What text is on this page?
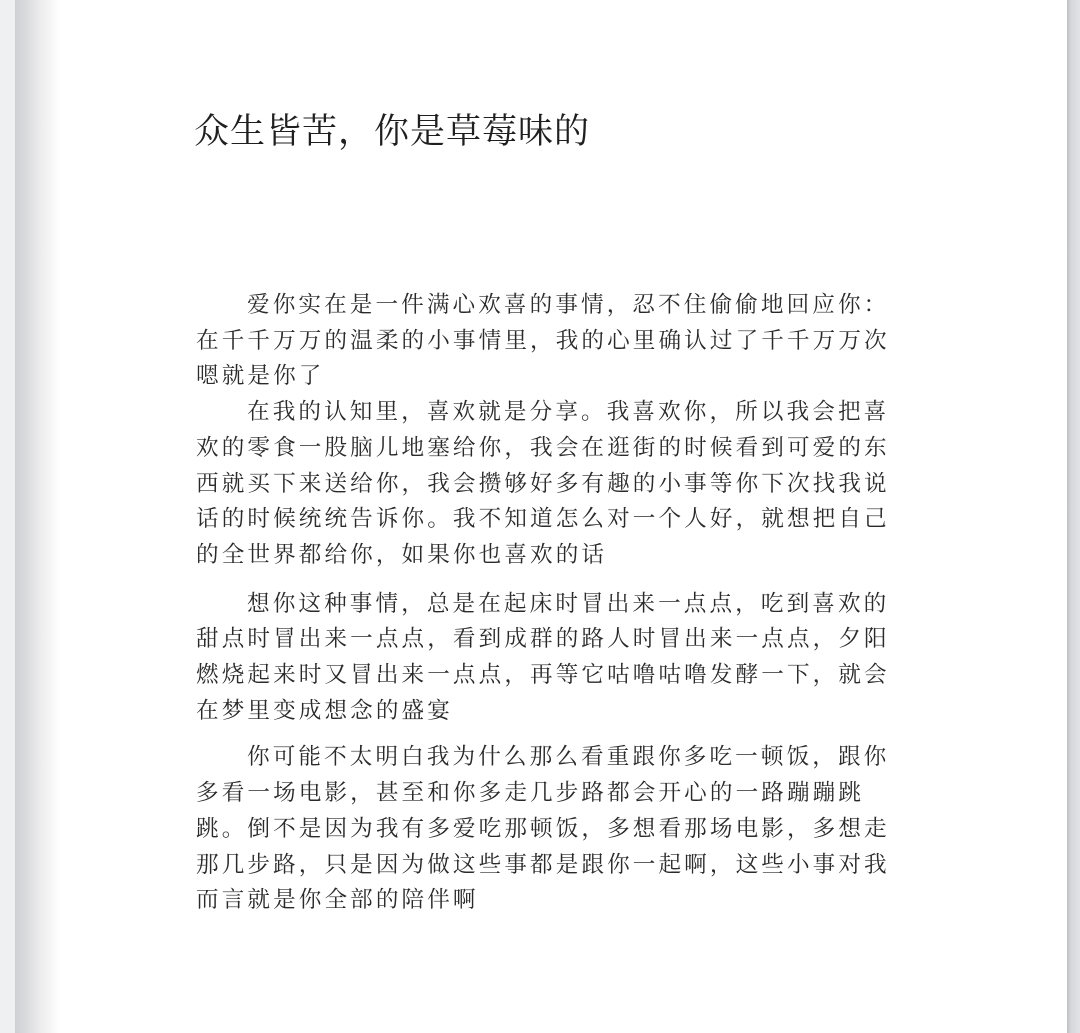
众生皆苦，你是草莓味的

爱你实在是一件满心欢喜的事情，忍不住偷偷地回应你：在千千万万的温柔的小事情里，我的心里确认过了千千万万次嗯就是你了

在我的认知里，喜欢就是分享。我喜欢你，所以我会把喜欢的零食一股脑儿地塞给你，我会在逛街的时候看到可爱的东西就买下来送给你，我会攒够好多有趣的小事等你下次找我说话的时候统统告诉你。我不知道怎么对一个人好，就想把自己的全世界都给你，如果你也喜欢的话

想你这种事情，总是在起床时冒出来一点点，吃到喜欢的甜点时冒出来一点点，看到成群的路人时冒出来一点点，夕阳燃烧起来时又冒出来一点点，再等它咕噜咕噜发酵一下，就会在梦里变成想念的盛宴

你可能不太明白我为什么那么看重跟你多吃一顿饭，跟你多看一场电影，甚至和你多走几步路都会开心的一路蹦蹦跳跳。倒不是因为我有多爱吃那顿饭，多想看那场电影，多想走那几步路，只是因为做这些事都是跟你一起啊，这些小事对我而言就是你全部的陪伴啊
